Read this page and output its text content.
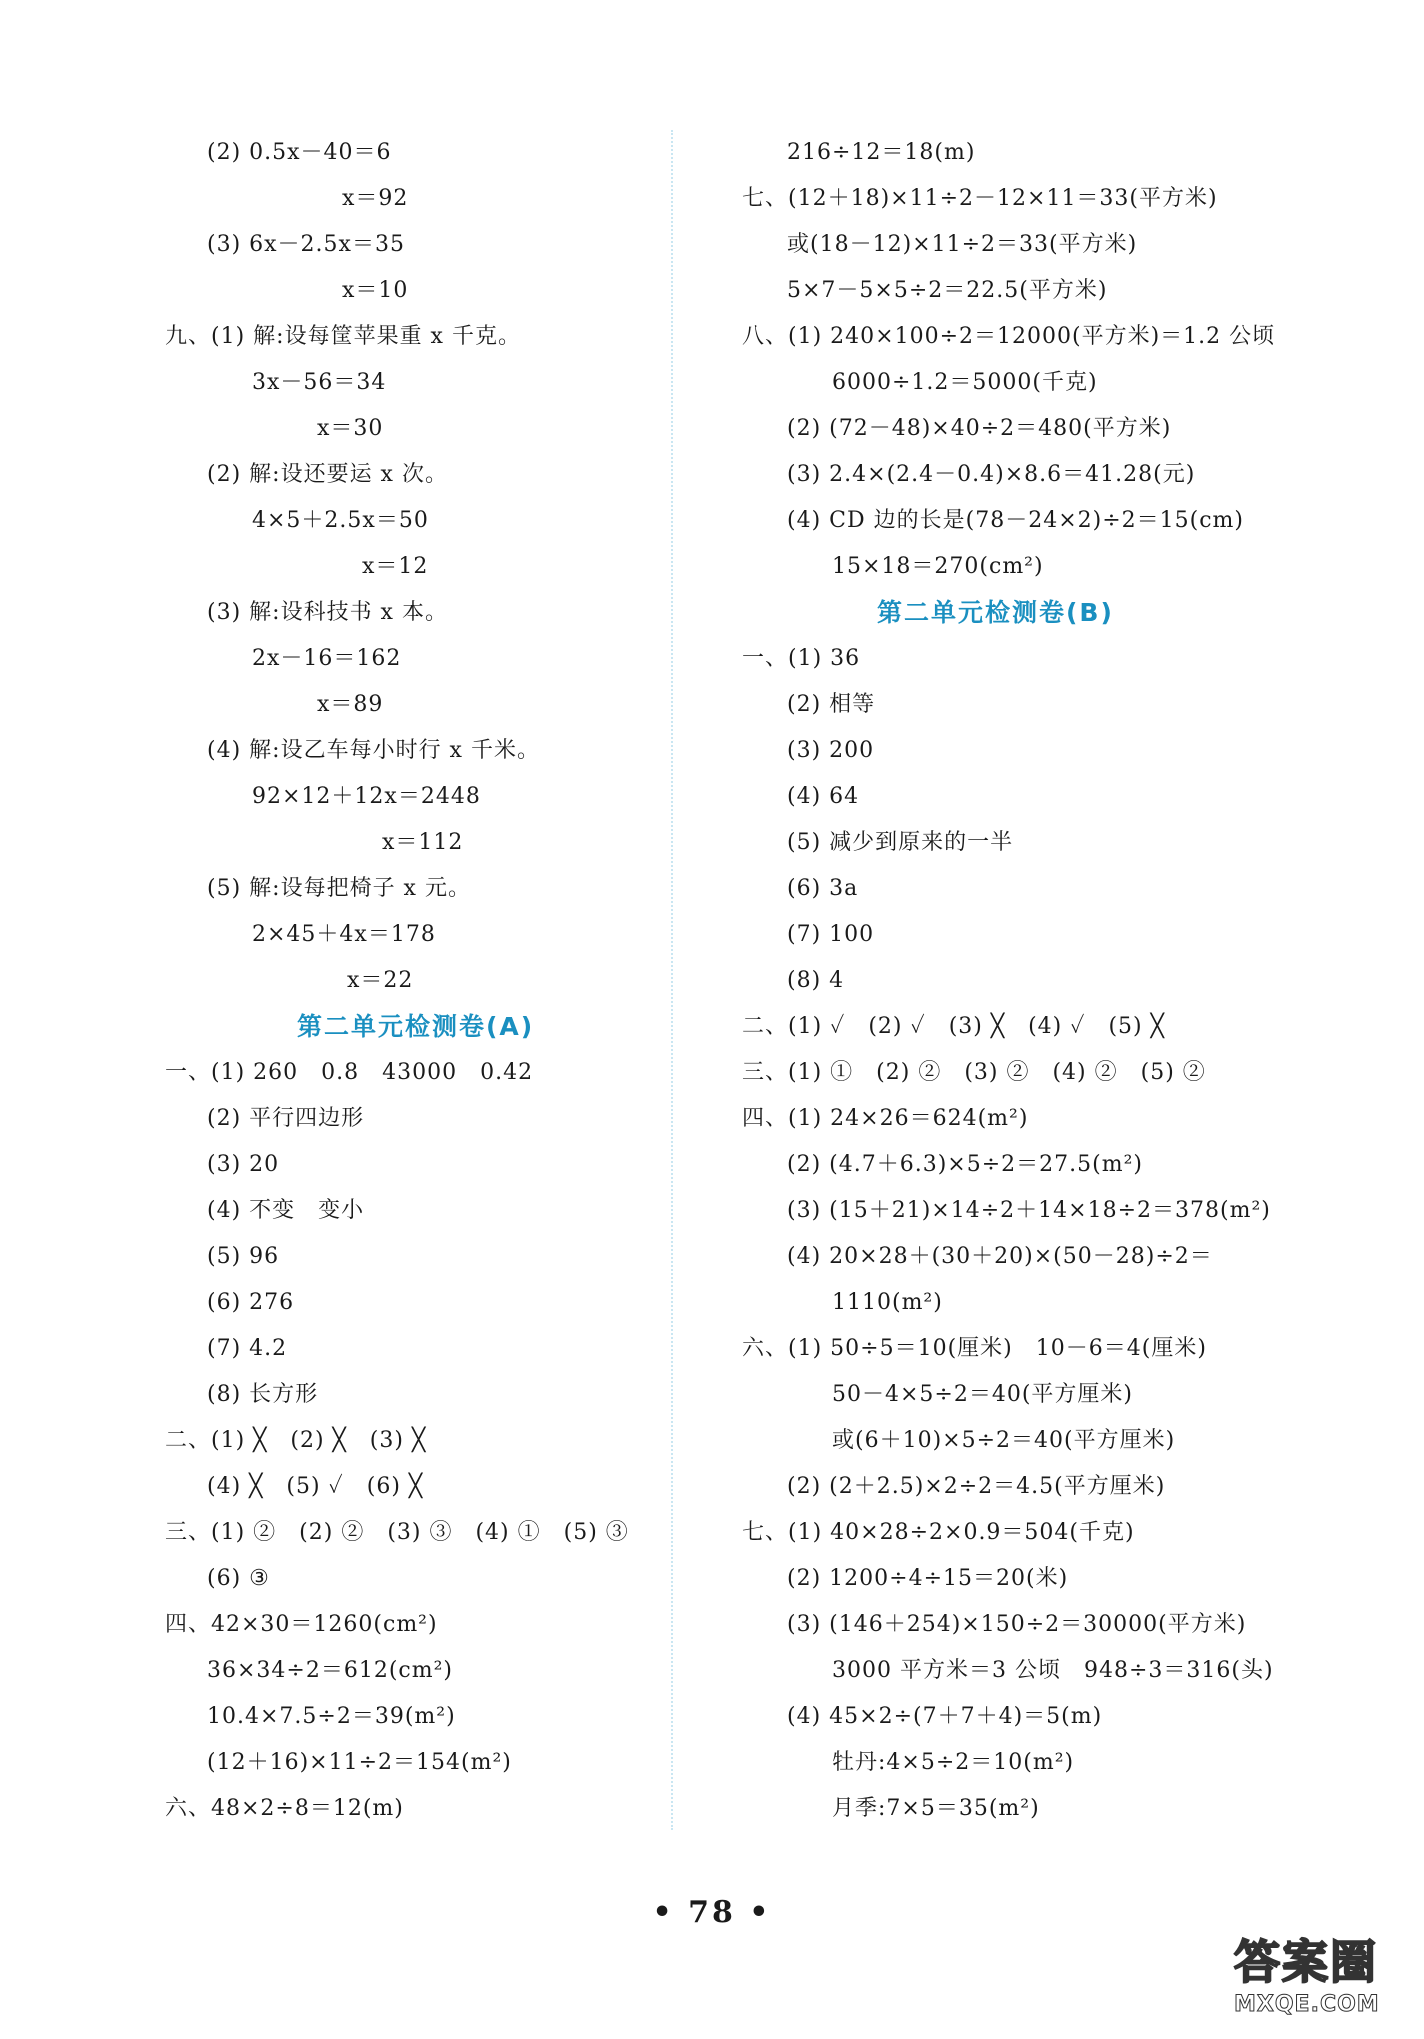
(2) 0.5x－40＝6
x＝92
(3) 6x－2.5x＝35
x＝10
九、(1) 解:设每筐苹果重 x 千克。
3x－56＝34
x＝30
(2) 解:设还要运 x 次。
4×5＋2.5x＝50
x＝12
(3) 解:设科技书 x 本。
2x－16＝162
x＝89
(4) 解:设乙车每小时行 x 千米。
92×12＋12x＝2448
x＝112
(5) 解:设每把椅子 x 元。
2×45＋4x＝178
x＝22
第二单元检测卷(A)
一、(1) 260　0.8　43000　0.42
(2) 平行四边形
(3) 20
(4) 不变　变小
(5) 96
(6) 276
(7) 4.2
(8) 长方形
二、(1) ╳　(2) ╳　(3) ╳
(4) ╳　(5) ✓　(6) ╳
三、(1) ②　(2) ②　(3) ③　(4) ①　(5) ③
(6) ③
四、42×30＝1260(cm²)
36×34÷2＝612(cm²)
10.4×7.5÷2＝39(m²)
(12＋16)×11÷2＝154(m²)
六、48×2÷8＝12(m)
216÷12＝18(m)
七、(12＋18)×11÷2－12×11＝33(平方米)
或(18－12)×11÷2＝33(平方米)
5×7－5×5÷2＝22.5(平方米)
八、(1) 240×100÷2＝12000(平方米)＝1.2 公顷
6000÷1.2＝5000(千克)
(2) (72－48)×40÷2＝480(平方米)
(3) 2.4×(2.4－0.4)×8.6＝41.28(元)
(4) CD 边的长是(78－24×2)÷2＝15(cm)
15×18＝270(cm²)
第二单元检测卷(B)
一、(1) 36
(2) 相等
(3) 200
(4) 64
(5) 减少到原来的一半
(6) 3a
(7) 100
(8) 4
二、(1) ✓　(2) ✓　(3) ╳　(4) ✓　(5) ╳
三、(1) ①　(2) ②　(3) ②　(4) ②　(5) ②
四、(1) 24×26＝624(m²)
(2) (4.7＋6.3)×5÷2＝27.5(m²)
(3) (15＋21)×14÷2＋14×18÷2＝378(m²)
(4) 20×28＋(30＋20)×(50－28)÷2＝
1110(m²)
六、(1) 50÷5＝10(厘米)　10－6＝4(厘米)
50－4×5÷2＝40(平方厘米)
或(6＋10)×5÷2＝40(平方厘米)
(2) (2＋2.5)×2÷2＝4.5(平方厘米)
七、(1) 40×28÷2×0.9＝504(千克)
(2) 1200÷4÷15＝20(米)
(3) (146＋254)×150÷2＝30000(平方米)
3000 平方米＝3 公顷　948÷3＝316(头)
(4) 45×2÷(7＋7＋4)＝5(m)
牡丹:4×5÷2＝10(m²)
月季:7×5＝35(m²)
• 78 •
答案圈
MXQE.COM
